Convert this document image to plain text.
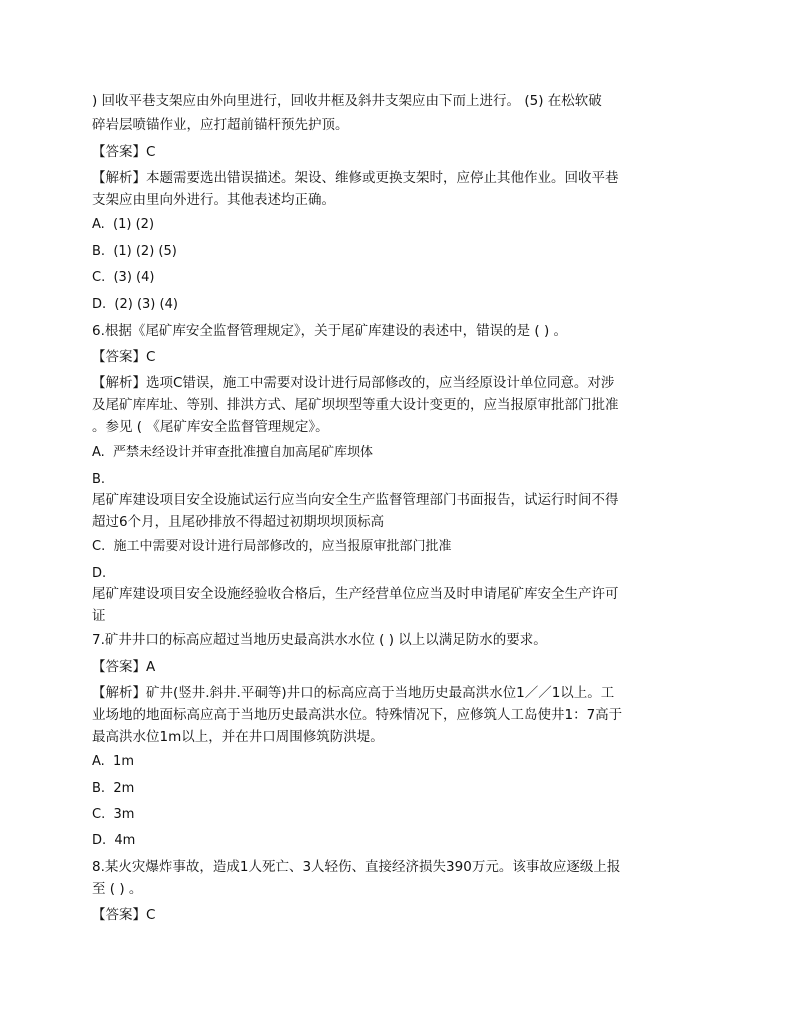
) 回收平巷支架应由外向里进行，回收井框及斜井支架应由下而上进行。 (5) 在松软破
碎岩层喷锚作业，应打超前锚杆预先护顶。
【答案】C
【解析】本题需要选出错误描述。架设、维修或更换支架时，应停止其他作业。回收平巷
支架应由里向外进行。其他表述均正确。
A.  (1) (2)
B.  (1) (2) (5)
C.  (3) (4)
D.  (2) (3) (4)
6.根据《尾矿库安全监督管理规定》，关于尾矿库建设的表述中，错误的是 ( ) 。
【答案】C
【解析】选项C错误，施工中需要对设计进行局部修改的，应当经原设计单位同意。对涉
及尾矿库库址、等别、排洪方式、尾矿坝坝型等重大设计变更的，应当报原审批部门批准
。参见 ( 《尾矿库安全监督管理规定》。
A.  严禁未经设计并审查批准擅自加高尾矿库坝体
B.
尾矿库建设项目安全设施试运行应当向安全生产监督管理部门书面报告，试运行时间不得
超过6个月，且尾砂排放不得超过初期坝坝顶标高
C.  施工中需要对设计进行局部修改的，应当报原审批部门批准
D.
尾矿库建设项目安全设施经验收合格后，生产经营单位应当及时申请尾矿库安全生产许可
证
7.矿井井口的标高应超过当地历史最高洪水水位 ( ) 以上以满足防水的要求。
【答案】A
【解析】矿井(竖井.斜井.平硐等)井口的标高应高于当地历史最高洪水位1／／1以上。工
业场地的地面标高应高于当地历史最高洪水位。特殊情况下，应修筑人工岛使井1：7高于
最高洪水位1m以上，并在井口周围修筑防洪堤。
A.  1m
B.  2m
C.  3m
D.  4m
8.某火灾爆炸事故，造成1人死亡、3人轻伤、直接经济损失390万元。该事故应逐级上报
至 ( ) 。
【答案】C
